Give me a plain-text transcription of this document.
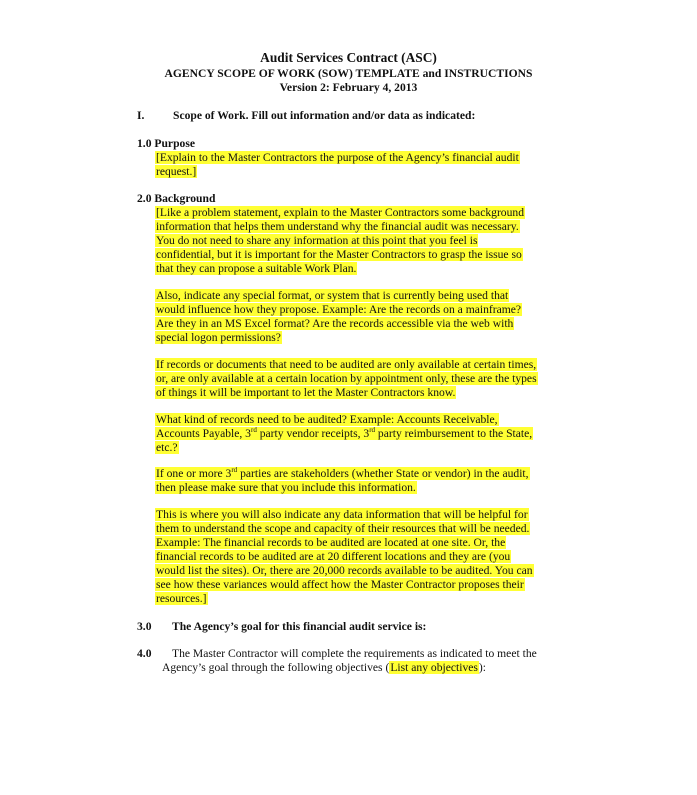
Audit Services Contract (ASC)
AGENCY SCOPE OF WORK (SOW) TEMPLATE and INSTRUCTIONS
Version 2: February 4, 2013
I. Scope of Work. Fill out information and/or data as indicated:
1.0 Purpose
[Explain to the Master Contractors the purpose of the Agency’s financial audit
request.]
2.0 Background
[Like a problem statement, explain to the Master Contractors some background
information that helps them understand why the financial audit was necessary.
You do not need to share any information at this point that you feel is
confidential, but it is important for the Master Contractors to grasp the issue so
that they can propose a suitable Work Plan.
Also, indicate any special format, or system that is currently being used that
would influence how they propose. Example: Are the records on a mainframe?
Are they in an MS Excel format? Are the records accessible via the web with
special logon permissions?
If records or documents that need to be audited are only available at certain times,
or, are only available at a certain location by appointment only, these are the types
of things it will be important to let the Master Contractors know.
What kind of records need to be audited? Example: Accounts Receivable,
Accounts Payable, 3rd party vendor receipts, 3rd party reimbursement to the State,
etc.?
If one or more 3rd parties are stakeholders (whether State or vendor) in the audit,
then please make sure that you include this information.
This is where you will also indicate any data information that will be helpful for
them to understand the scope and capacity of their resources that will be needed.
Example: The financial records to be audited are located at one site. Or, the
financial records to be audited are at 20 different locations and they are (you
would list the sites). Or, there are 20,000 records available to be audited. You can
see how these variances would affect how the Master Contractor proposes their
resources.]
3.0 The Agency’s goal for this financial audit service is:
4.0 The Master Contractor will complete the requirements as indicated to meet the
Agency’s goal through the following objectives (List any objectives):
